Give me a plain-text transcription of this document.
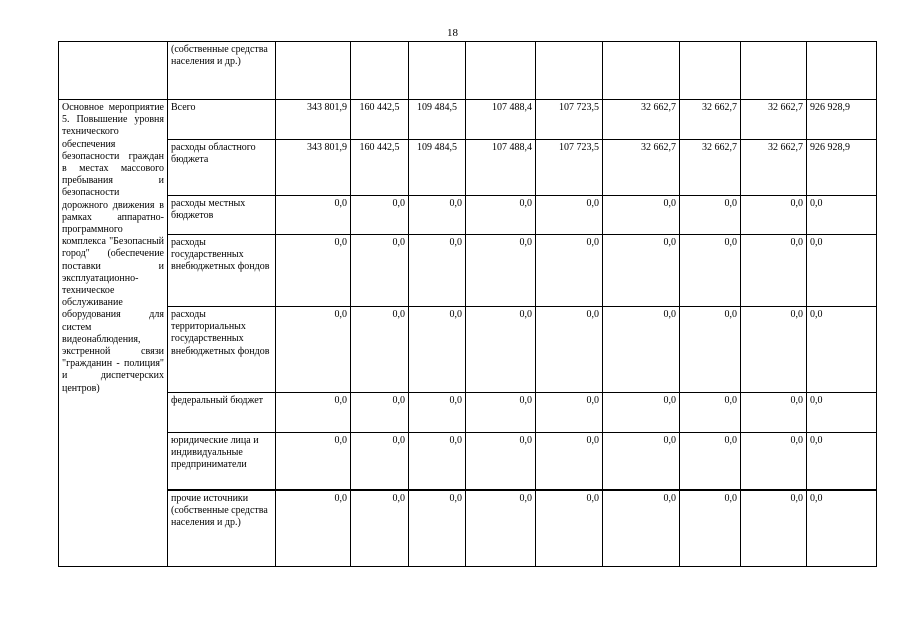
18
	(собственные средства населения и др.)									
Основное мероприятие 5. Повышение уровня технического обеспечения безопасности граждан в местах массового пребывания и безопасности дорожного движения в рамках аппаратно-программного комплекса "Безопасный город" (обеспечение поставки и эксплуатационно-техническое обслуживание оборудования для систем видеонаблюдения, экстренной связи "гражданин - полиция" и диспетчерских центров)	Всего	343 801,9	160 442,5	109 484,5	107 488,4	107 723,5	32 662,7	32 662,7	32 662,7	926 928,9
	расходы областного бюджета	343 801,9	160 442,5	109 484,5	107 488,4	107 723,5	32 662,7	32 662,7	32 662,7	926 928,9
	расходы местных бюджетов	0,0	0,0	0,0	0,0	0,0	0,0	0,0	0,0	0,0
	расходы государственных внебюджетных фондов	0,0	0,0	0,0	0,0	0,0	0,0	0,0	0,0	0,0
	расходы территориальных государственных внебюджетных фондов	0,0	0,0	0,0	0,0	0,0	0,0	0,0	0,0	0,0
	федеральный бюджет	0,0	0,0	0,0	0,0	0,0	0,0	0,0	0,0	0,0
	юридические лица и индивидуальные предприниматели	0,0	0,0	0,0	0,0	0,0	0,0	0,0	0,0	0,0
	прочие источники (собственные средства населения и др.)	0,0	0,0	0,0	0,0	0,0	0,0	0,0	0,0	0,0
